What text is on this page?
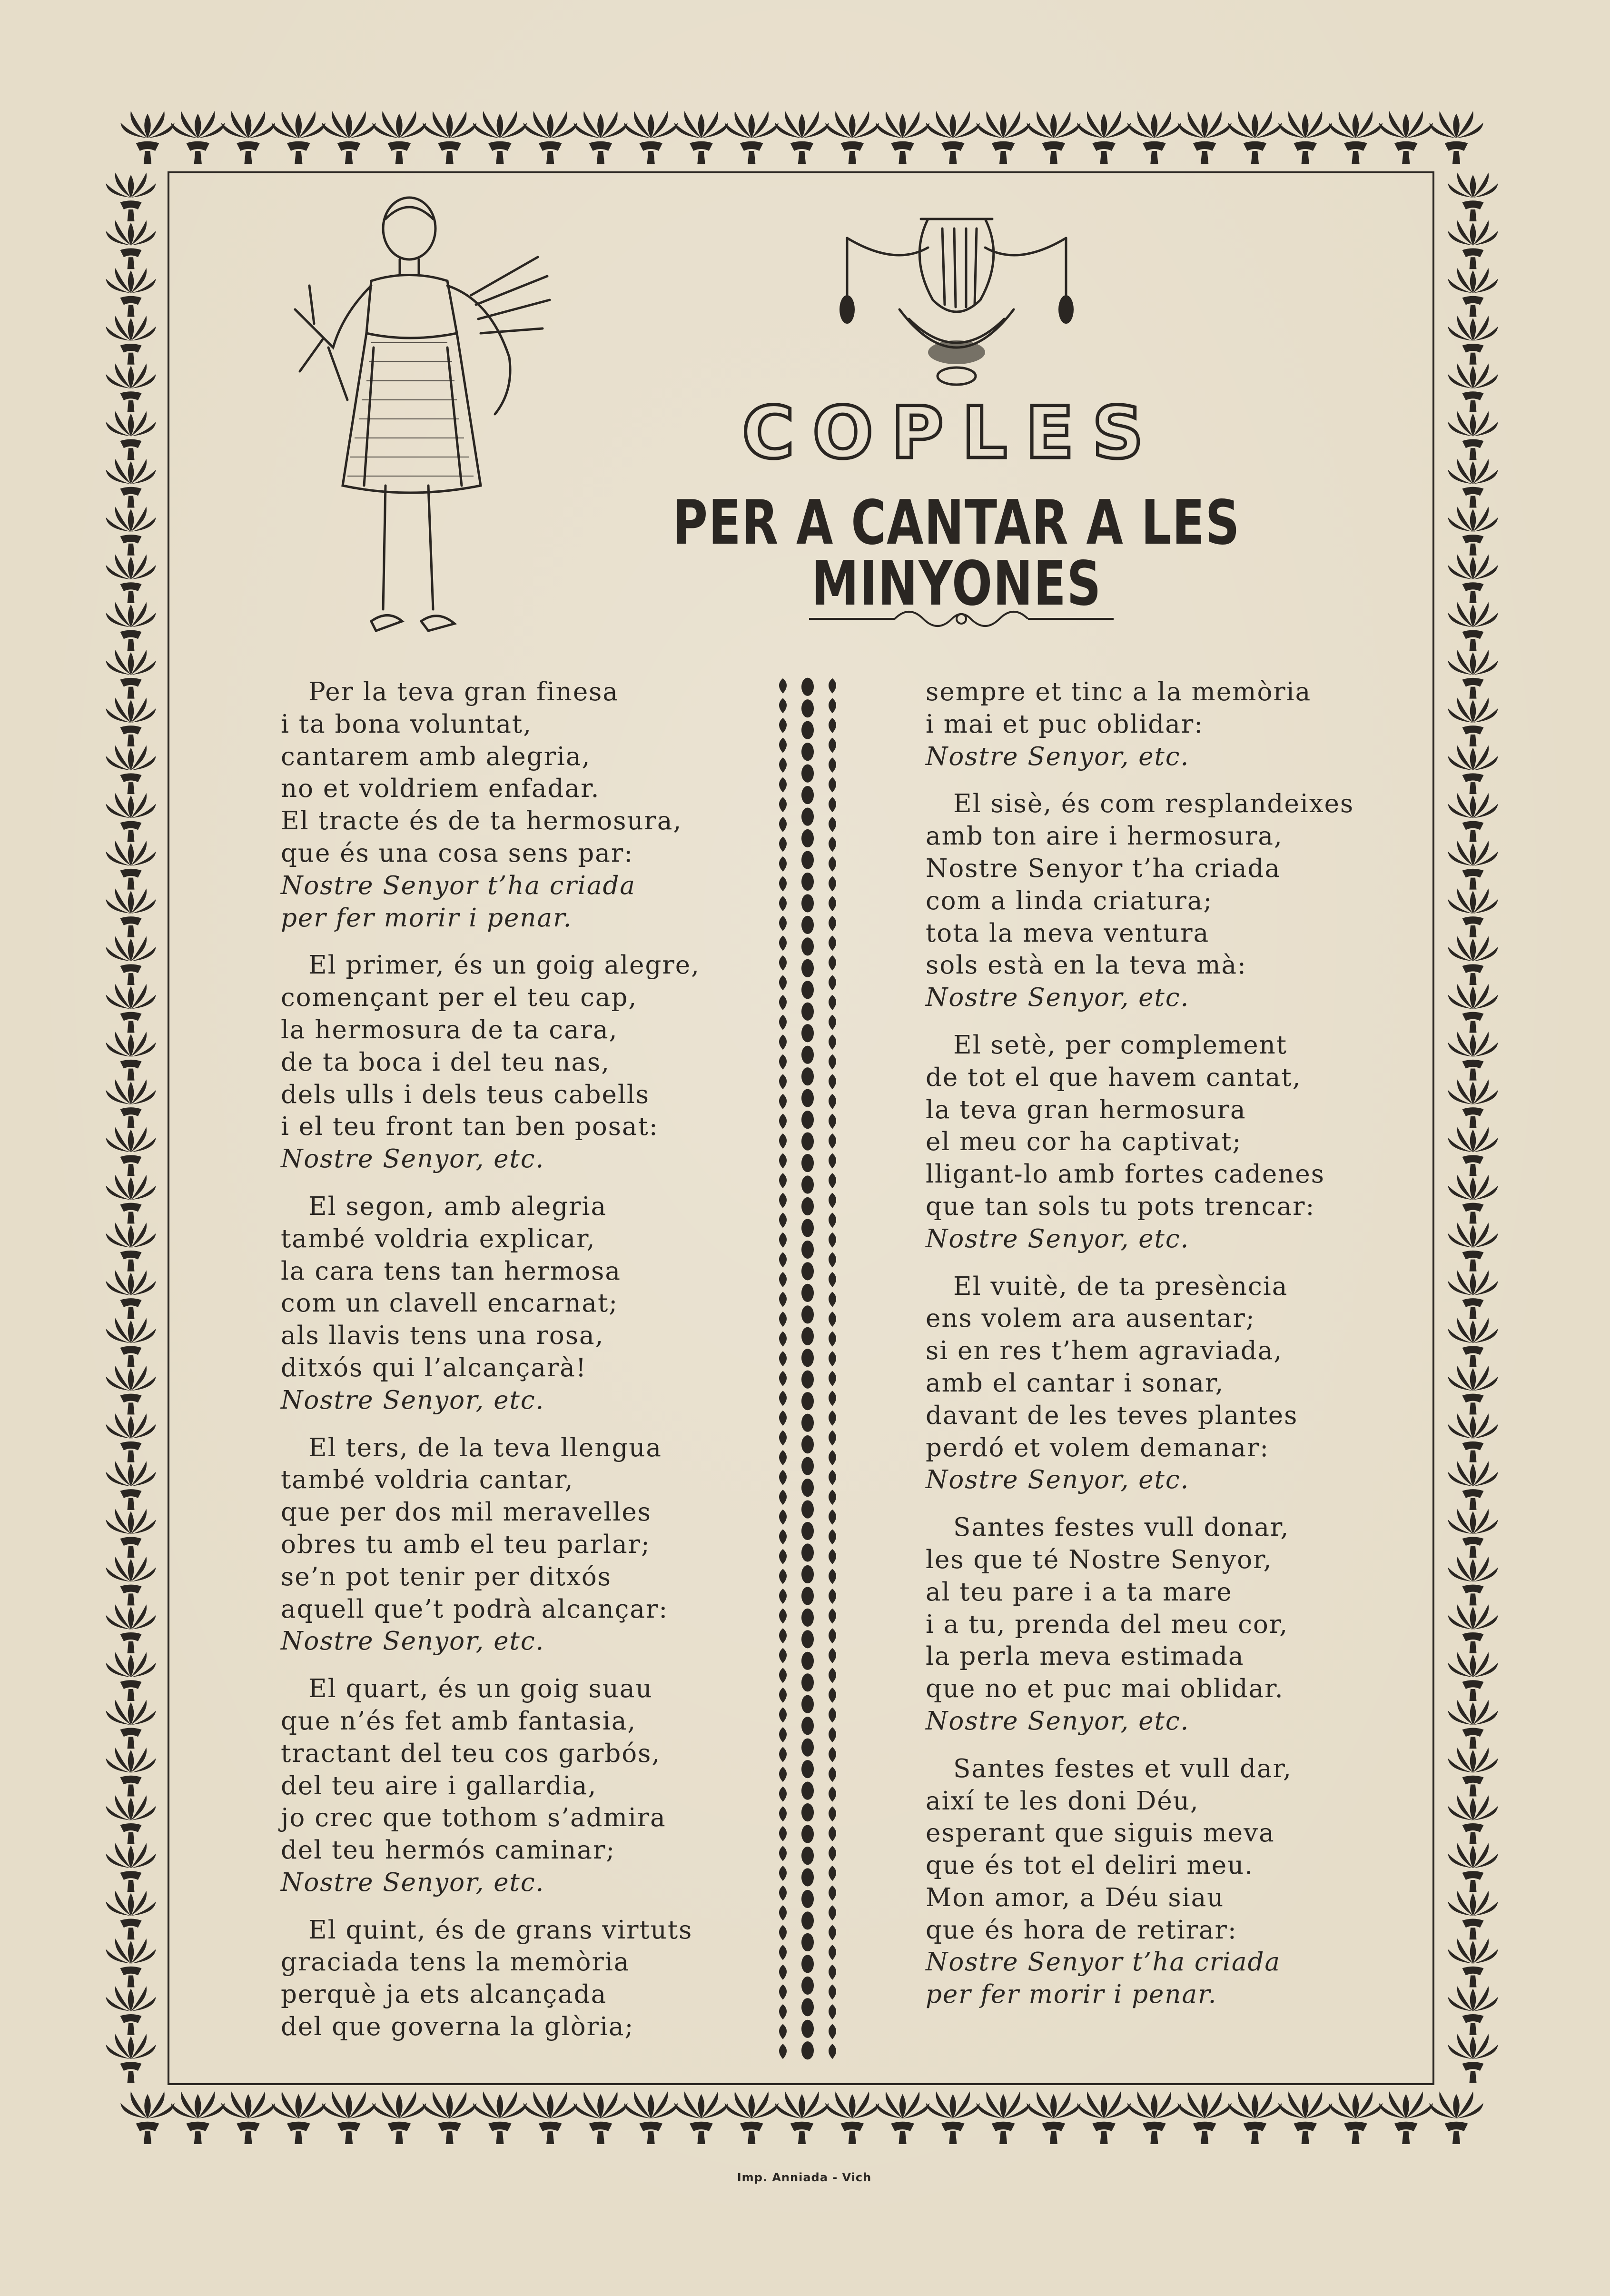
COPLES
PER A CANTAR A LES MINYONES
Per la teva gran finesa
i ta bona voluntat,
cantarem amb alegria,
no et voldriem enfadar.
El tracte és de ta hermosura,
que és una cosa sens par:
Nostre Senyor t’ha criada
per fer morir i penar.
El primer, és un goig alegre,
començant per el teu cap,
la hermosura de ta cara,
de ta boca i del teu nas,
dels ulls i dels teus cabells
i el teu front tan ben posat:
Nostre Senyor, etc.
El segon, amb alegria
també voldria explicar,
la cara tens tan hermosa
com un clavell encarnat;
als llavis tens una rosa,
ditxós qui l’alcançarà!
Nostre Senyor, etc.
El ters, de la teva llengua
també voldria cantar,
que per dos mil meravelles
obres tu amb el teu parlar;
se’n pot tenir per ditxós
aquell que’t podrà alcançar:
Nostre Senyor, etc.
El quart, és un goig suau
que n’és fet amb fantasia,
tractant del teu cos garbós,
del teu aire i gallardia,
jo crec que tothom s’admira
del teu hermós caminar;
Nostre Senyor, etc.
El quint, és de grans virtuts
graciada tens la memòria
perquè ja ets alcançada
del que governa la glòria;
sempre et tinc a la memòria
i mai et puc oblidar:
Nostre Senyor, etc.
El sisè, és com resplandeixes
amb ton aire i hermosura,
Nostre Senyor t’ha criada
com a linda criatura;
tota la meva ventura
sols està en la teva mà:
Nostre Senyor, etc.
El setè, per complement
de tot el que havem cantat,
la teva gran hermosura
el meu cor ha captivat;
lligant-lo amb fortes cadenes
que tan sols tu pots trencar:
Nostre Senyor, etc.
El vuitè, de ta presència
ens volem ara ausentar;
si en res t’hem agraviada,
amb el cantar i sonar,
davant de les teves plantes
perdó et volem demanar:
Nostre Senyor, etc.
Santes festes vull donar,
les que té Nostre Senyor,
al teu pare i a ta mare
i a tu, prenda del meu cor,
la perla meva estimada
que no et puc mai oblidar.
Nostre Senyor, etc.
Santes festes et vull dar,
així te les doni Déu,
esperant que siguis meva
que és tot el deliri meu.
Mon amor, a Déu siau
que és hora de retirar:
Nostre Senyor t’ha criada
per fer morir i penar.
Imp. Anniada - Vich
